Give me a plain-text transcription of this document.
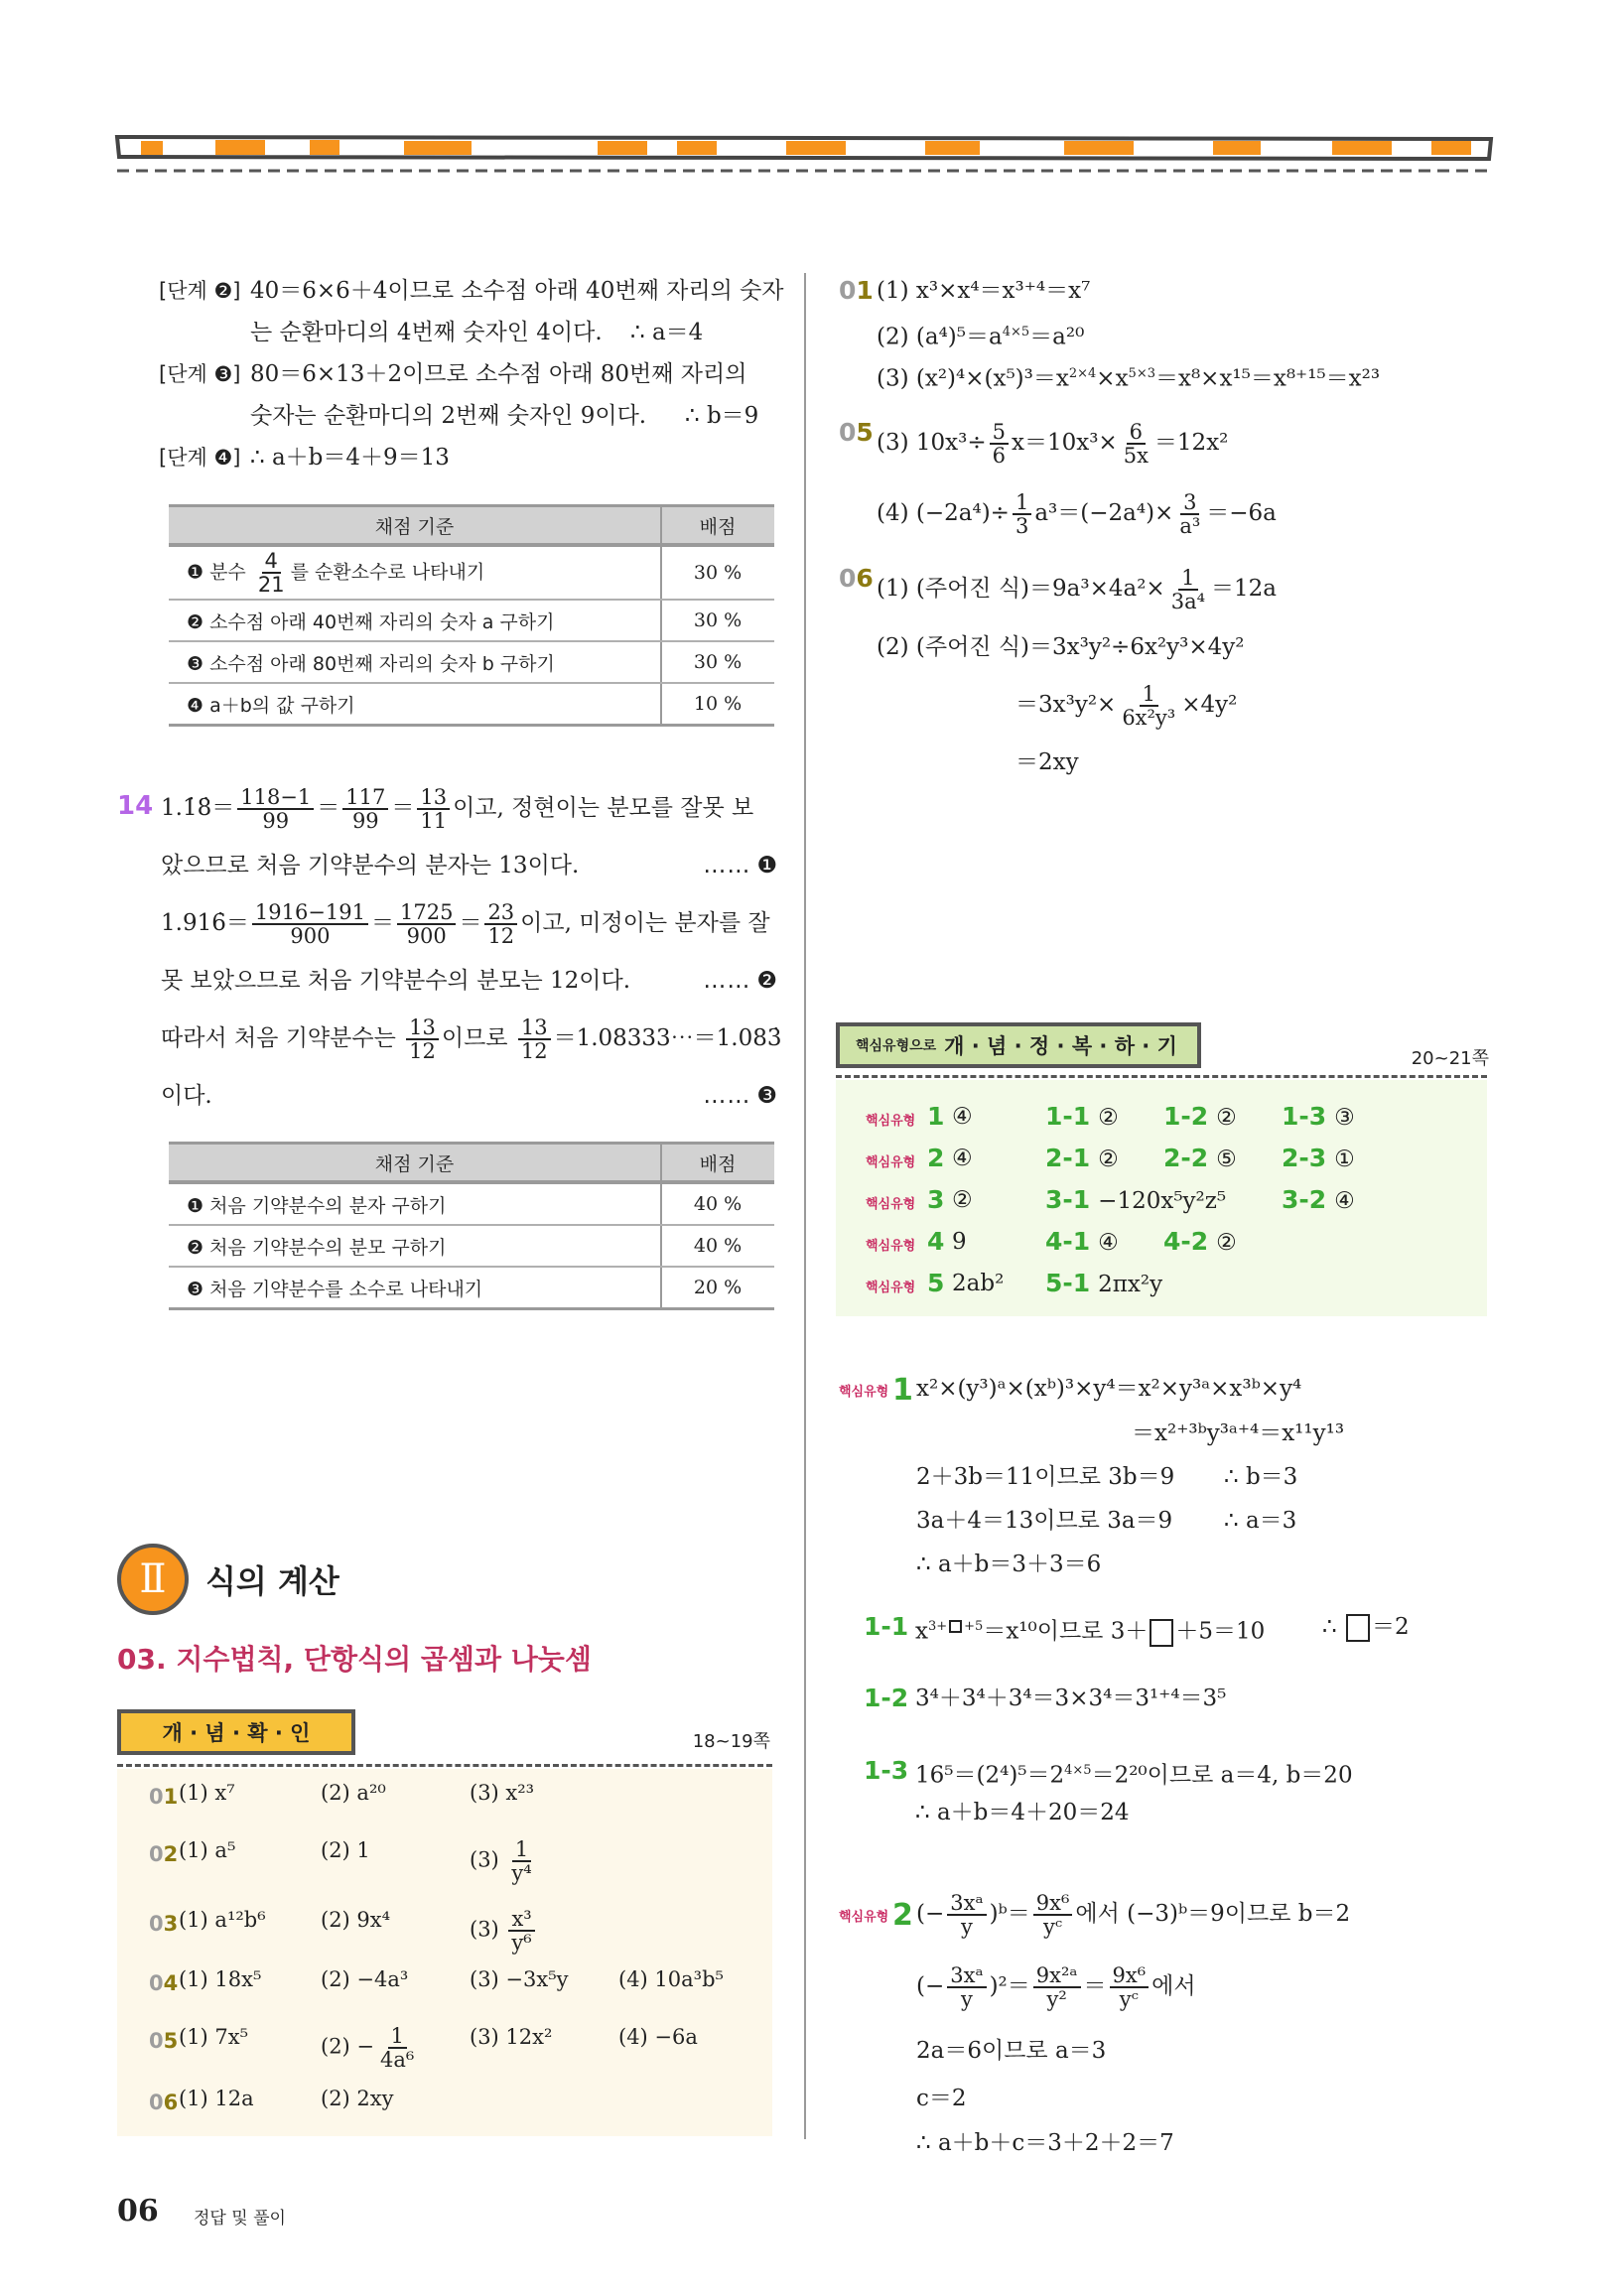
[단계 ❷] 40＝6×6＋4이므로 소수점 아래 40번째 자리의 숫자
는 순환마디의 4번째 숫자인 4이다. ∴ a＝4
[단계 ❸] 80＝6×13＋2이므로 소수점 아래 80번째 자리의
숫자는 순환마디의 2번째 숫자인 9이다. ∴ b＝9
[단계 ❹] ∴ a＋b＝4＋9＝13
채점 기준	배점
❶ 분수 $\frac{4}{21}$ 를 순환소수로 나타내기	30 %
❷ 소수점 아래 40번째 자리의 숫자 a 구하기	30 %
❸ 소수점 아래 80번째 자리의 숫자 b 구하기	30 %
❹ a＋b의 값 구하기	10 %
14 1.1̇8̇＝ $\frac{118-1}{99} = \frac{117}{99} = \frac{13}{11}$ 이고, 정현이는 분모를 잘못 보
았으므로 처음 기약분수의 분자는 13이다.	…… ❶
1.916̇＝ $\frac{1916-191}{900} = \frac{1725}{900} = \frac{23}{12}$ 이고, 미정이는 분자를 잘
못 보았으므로 처음 기약분수의 분모는 12이다.	…… ❷
따라서 처음 기약분수는 $\frac{13}{12}$ 이므로 $\frac{13}{12}$ ＝1.08333⋯＝1.083̇
이다.	…… ❸
채점 기준	배점
❶ 처음 기약분수의 분자 구하기	40 %
❷ 처음 기약분수의 분모 구하기	40 %
❸ 처음 기약분수를 소수로 나타내기	20 %
Ⅱ	식의 계산
03. 지수법칙, 단항식의 곱셈과 나눗셈
개 · 념 · 확 · 인	18~19쪽
01 (1) x⁷	(2) a²⁰	(3) x²³
02 (1) a⁵	(2) 1	$(3) \frac{1}{\text{y⁴}}$
03 (1) a¹²b⁶	(2) 9x⁴	$(3) \frac{\text{x³}}{\text{y⁶}}$
04 (1) 18x⁵	(2) −4a³	(3) −3x⁵y (4) 10a³b⁵
05 (1) 7x⁵	$(2) - \frac{1}{\text{4a⁶}}$	(3) 12x²	(4) −6a
06 (1) 12a	(2) 2xy
01 (1) x³×x⁴＝x³⁺⁴＝x⁷
(2) $(a^4)^5=a^{4\times 5}=a^{20}$
(3) $(x^2)^4\times(x^5)^3=x^{2\times 4}\times x^{5\times 3}=x^8\times x^{15}=x^{8+15}=x^{23}$
05 (3) $10x^3\div \frac{5}{6} x=10x^3\times \frac{6}{5x} =12x^2$
(4) $(-2a^4)\div \frac{1}{3} a^3=(-2a^4)\times \frac{3}{\text{a³}} =-6a$
06 (1) (주어진 식)$=9a^3\times 4a^2\times \frac{1}{\text{3a⁴}} =12a$
(2) (주어진 식)＝3x³y²÷6x²y³×4y²
$=3x^3y^2\times \frac{1}{\text{6x²y³}} \times 4y^2$
＝2xy
핵심유형으로 개 · 념 · 정 · 복 · 하 · 기
20~21쪽
핵심유형 1 ④	1-1 ② 1-2 ② 1-3 ③
핵심유형 2 ④	2-1 ② 2-2 ⑤ 2-3 ①
핵심유형 3 ②	3-1 −120x⁵y²z⁵ 3-2 ④
핵심유형 4 9	4-1 ④ 4-2 ②
핵심유형 5 2ab² 5-1 2πx²y
핵심유형 1 x²×(y³)ᵃ×(xᵇ)³×y⁴＝x²×y³ᵃ×x³ᵇ×y⁴
＝x²⁺³ᵇy³ᵃ⁺⁴＝x¹¹y¹³
2＋3b＝11이므로 3b＝9 ∴ b＝3
3a＋4＝13이므로 3a＝9 ∴ a＝3
∴ a＋b＝3＋3＝6
1-1 $x^{3+ +5}=x^{10}$이므로 3＋ ＋5＝10	∴ ＝2
1-2 3⁴＋3⁴＋3⁴＝3×3⁴＝3¹⁺⁴＝3⁵
1-3 $16^5=(2^4)^5=2^{4\times 5}=2^{20}$이므로 a＝4, b＝20
∴ a＋b＝4＋20＝24
핵심유형 2 (− $\frac{\text{3xᵃ}}{y}$ )ᵇ＝ $\frac{\text{9x⁶}}{\text{yᶜ}}$ 에서 (−3)ᵇ＝9이므로 b＝2
(− $\frac{\text{3xᵃ}}{y} )^2= \frac{\text{9x²ᵃ}}{\text{y²}} = \frac{\text{9x⁶}}{\text{yᶜ}}$ 에서
2a＝6이므로 a＝3
c＝2
∴ a＋b＋c＝3＋2＋2＝7
06 정답 및 풀이
